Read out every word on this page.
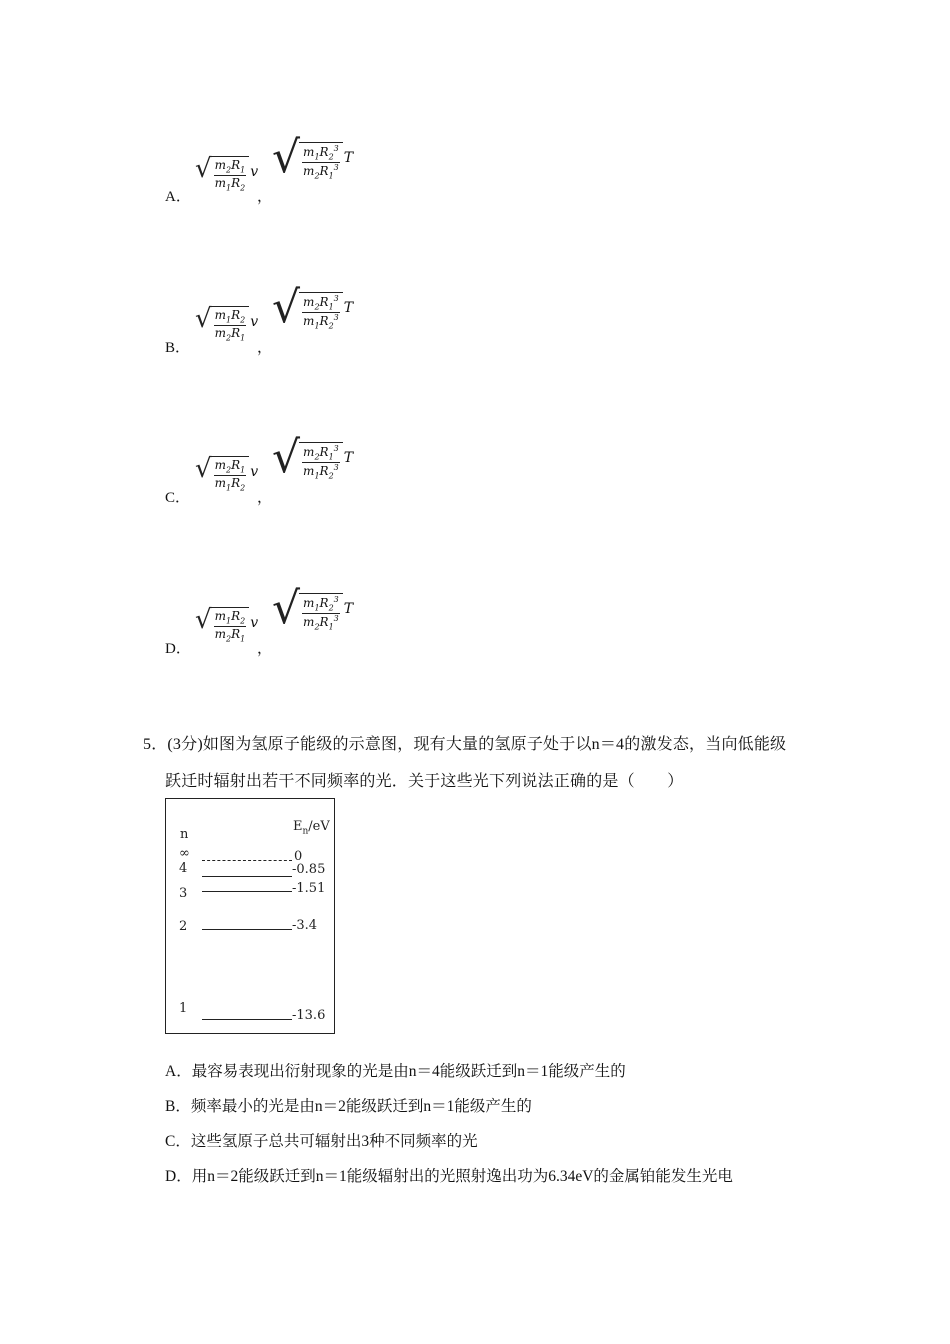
A．
√ $\frac{m_2R_1}{m_1R_2}$ v
，
√ $\frac{m_1R_2^3}{m_2R_1^3}$ T
B．
√ $\frac{m_1R_2}{m_2R_1}$ v
，
√ $\frac{m_2R_1^3}{m_1R_2^3}$ T
C．
√ $\frac{m_2R_1}{m_1R_2}$ v
，
√ $\frac{m_2R_1^3}{m_1R_2^3}$ T
D．
√ $\frac{m_1R_2}{m_2R_1}$ v
，
√ $\frac{m_1R_2^3}{m_2R_1^3}$ T
5．(3分)如图为氢原子能级的示意图，现有大量的氢原子处于以n＝4的激发态，当向低能级
跃迁时辐射出若干不同频率的光．关于这些光下列说法正确的是（　　）
n
$E_n/eV$
∞	0
4	-0.85
3	-1.51
2	-3.4
1	-13.6
A．最容易表现出衍射现象的光是由n＝4能级跃迁到n＝1能级产生的
B．频率最小的光是由n＝2能级跃迁到n＝1能级产生的
C．这些氢原子总共可辐射出3种不同频率的光
D．用n＝2能级跃迁到n＝1能级辐射出的光照射逸出功为6.34eV的金属铂能发生光电
